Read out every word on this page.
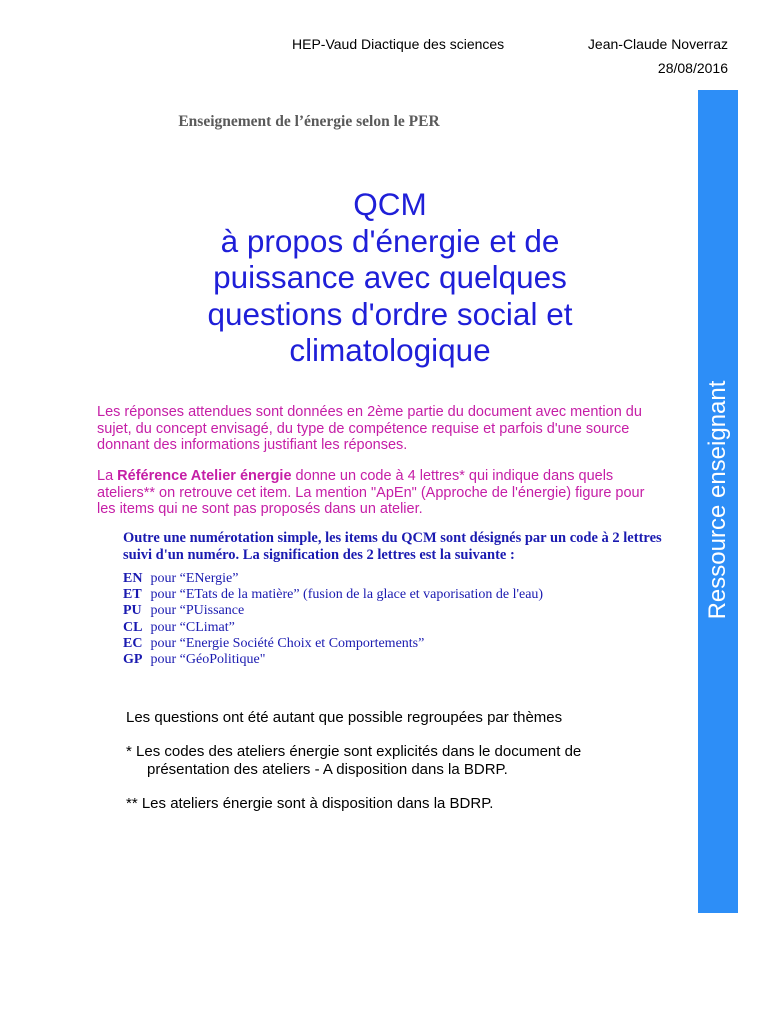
HEP-Vaud Diactique des sciences	Jean-Claude Noverraz
28/08/2016
Enseignement de l’énergie selon le PER
QCM
à propos d'énergie et de
puissance avec quelques
questions d'ordre social et
climatologique
Les réponses attendues sont données en 2ème partie du document avec mention du sujet, du concept envisagé, du type de compétence requise et parfois d'une source donnant des informations justifiant les réponses.
La Référence Atelier énergie donne un code à 4 lettres* qui indique dans quels ateliers** on retrouve cet item. La mention "ApEn" (Approche de l'énergie) figure pour les items qui ne sont pas proposés dans un atelier.
Outre une numérotation simple, les items du QCM sont désignés par un code à 2 lettres suivi d'un numéro. La signification des 2 lettres est la suivante :
EN pour “ENergie”
ET pour “ETats de la matière” (fusion de la glace et vaporisation de l'eau)
PU pour “PUissance
CL pour “CLimat”
EC pour “Energie Société Choix et Comportements”
GP pour “GéoPolitique"

Les questions ont été autant que possible regroupées par thèmes

* Les codes des ateliers énergie sont explicités dans le document de
présentation des ateliers - A disposition dans la BDRP.

** Les ateliers énergie sont à disposition dans la BDRP.

Ressource enseignant
